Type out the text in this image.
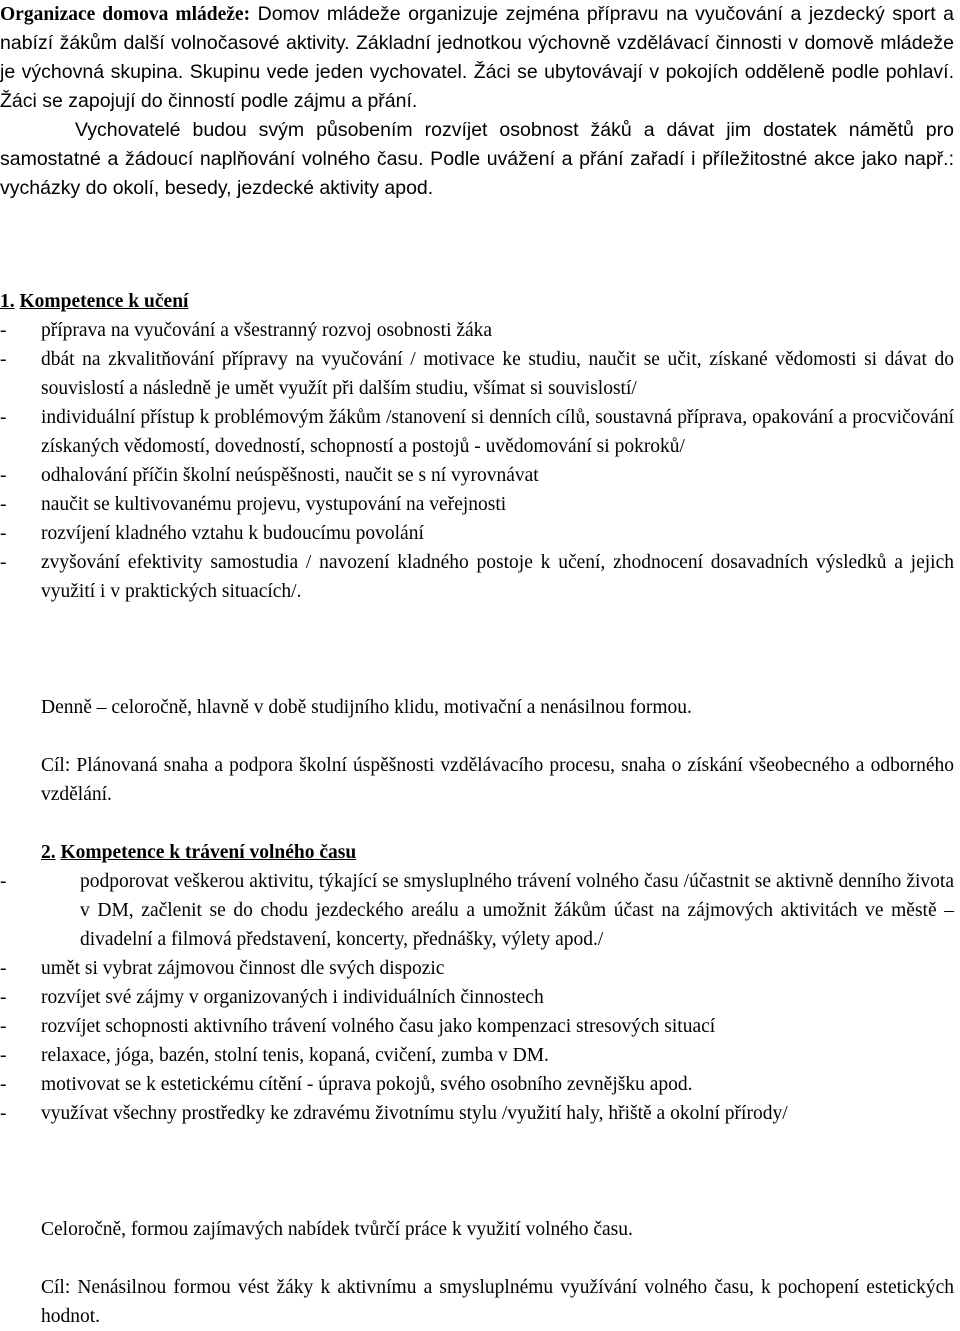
Organizace domova mládeže: Domov mládeže organizuje zejména přípravu na vyučování a jezdecký sport a nabízí žákům další volnočasové aktivity. Základní jednotkou výchovně vzdělávací činnosti v domově mládeže je výchovná skupina. Skupinu vede jeden vychovatel. Žáci se ubytovávají v pokojích odděleně podle pohlaví. Žáci se zapojují do činností podle zájmu a přání.

Vychovatelé budou svým působením rozvíjet osobnost žáků a dávat jim dostatek námětů pro samostatné a žádoucí naplňování volného času. Podle uvážení a přání zařadí i příležitostné akce jako např.: vycházky do okolí, besedy, jezdecké aktivity apod.

1. Kompetence k učení
- příprava na vyučování a všestranný rozvoj osobnosti žáka
- dbát na zkvalitňování přípravy na vyučování / motivace ke studiu, naučit se učit, získané vědomosti si dávat do souvislostí a následně je umět využít při dalším studiu, všímat si souvislostí/
- individuální přístup k problémovým žákům /stanovení si denních cílů, soustavná příprava, opakování a procvičování získaných vědomostí, dovedností, schopností a postojů - uvědomování si pokroků/
- odhalování příčin školní neúspěšnosti, naučit se s ní vyrovnávat
- naučit se kultivovanému projevu, vystupování na veřejnosti
- rozvíjení kladného vztahu k budoucímu povolání
- zvyšování efektivity samostudia / navození kladného postoje k učení, zhodnocení dosavadních výsledků a jejich využití i v praktických situacích/.

Denně – celoročně, hlavně v době studijního klidu, motivační a nenásilnou formou.

Cíl: Plánovaná snaha a podpora školní úspěšnosti vzdělávacího procesu, snaha o získání všeobecného a odborného vzdělání.

2. Kompetence k trávení volného času
- podporovat veškerou aktivitu, týkající se smysluplného trávení volného času /účastnit se aktivně denního života v DM, začlenit se do chodu jezdeckého areálu a umožnit žákům účast na zájmových aktivitách ve městě – divadelní a filmová představení, koncerty, přednášky, výlety apod./
- umět si vybrat zájmovou činnost dle svých dispozic
- rozvíjet své zájmy v organizovaných i individuálních činnostech
- rozvíjet schopnosti aktivního trávení volného času jako kompenzaci stresových situací
- relaxace, jóga, bazén, stolní tenis, kopaná, cvičení, zumba v DM.
- motivovat se k estetickému cítění - úprava pokojů, svého osobního zevnějšku apod.
- využívat všechny prostředky ke zdravému životnímu stylu /využití haly, hřiště a okolní přírody/

Celoročně, formou zajímavých nabídek tvůrčí práce k využití volného času.

Cíl: Nenásilnou formou vést žáky k aktivnímu a smysluplnému využívání volného času, k pochopení estetických hodnot.
